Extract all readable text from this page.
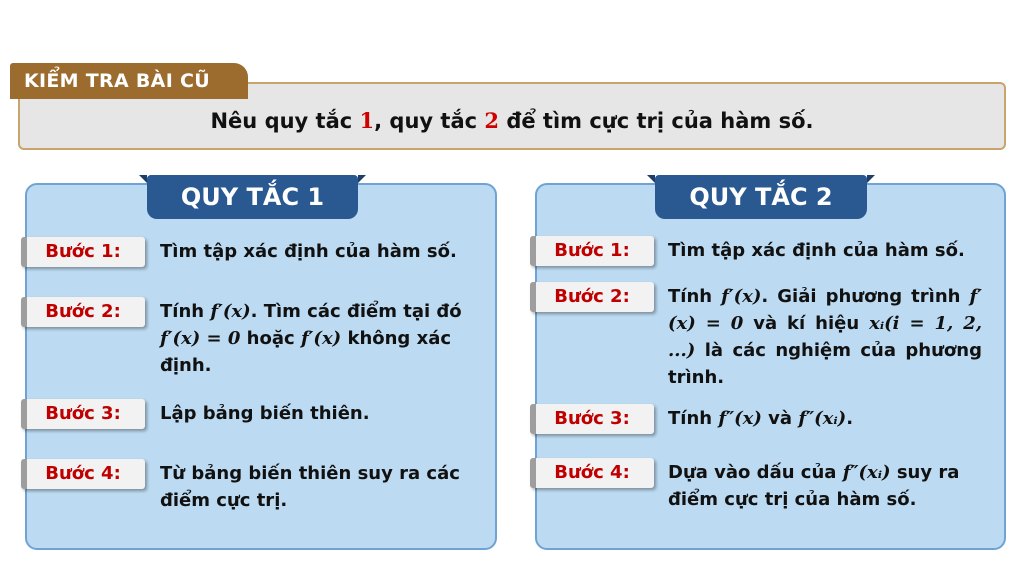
KIỂM TRA BÀI CŨ
Nêu quy tắc 1, quy tắc 2 để tìm cực trị của hàm số.
QUY TẮC 1
Bước 1:	Tìm tập xác định của hàm số.
Bước 2:	Tính f′(x). Tìm các điểm tại đó f′(x) = 0 hoặc f′(x) không xác định.
Bước 3:	Lập bảng biến thiên.
Bước 4:	Từ bảng biến thiên suy ra các điểm cực trị.
QUY TẮC 2
Bước 1:	Tìm tập xác định của hàm số.
Bước 2:	Tính f′(x). Giải phương trình f′(x) = 0 và kí hiệu xᵢ(i = 1, 2, ...) là các nghiệm của phương trình.
Bước 3:	Tính f″(x) và f″(xᵢ).
Bước 4:	Dựa vào dấu của f″(xᵢ) suy ra điểm cực trị của hàm số.
